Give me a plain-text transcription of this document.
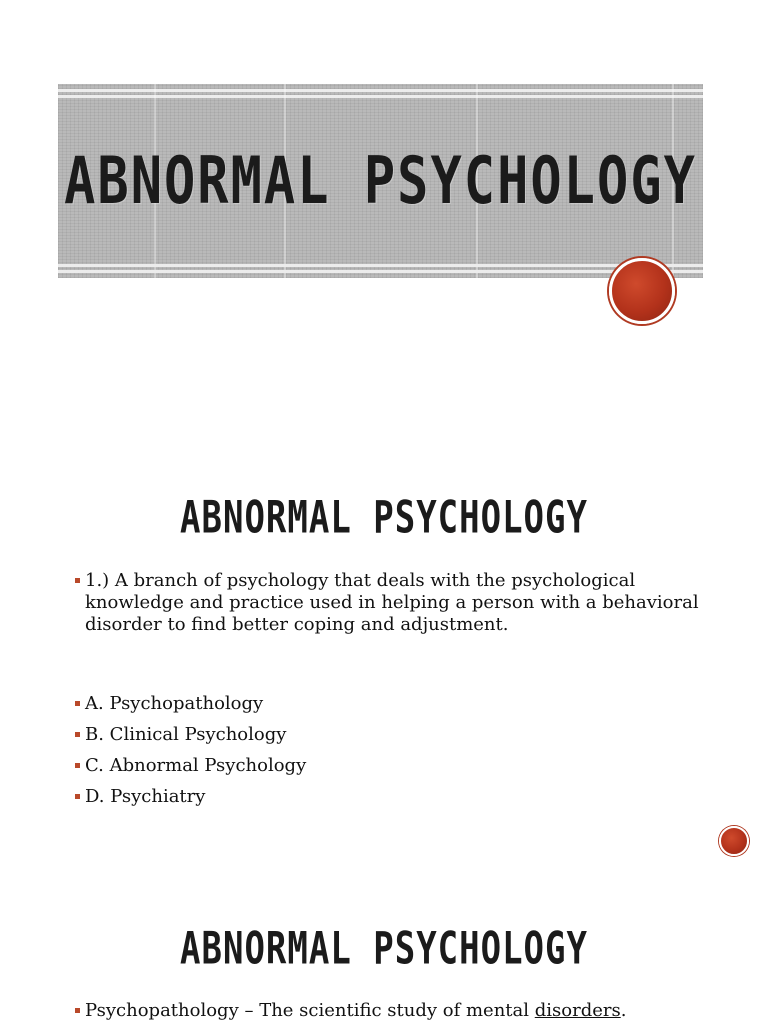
ABNORMAL PSYCHOLOGY
ABNORMAL PSYCHOLOGY
1.) A branch of psychology that deals with the psychological knowledge and practice used in helping a person with a behavioral disorder to find better coping and adjustment.
A. Psychopathology
B. Clinical Psychology
C. Abnormal Psychology
D. Psychiatry
ABNORMAL PSYCHOLOGY
Psychopathology – The scientific study of mental disorders.
